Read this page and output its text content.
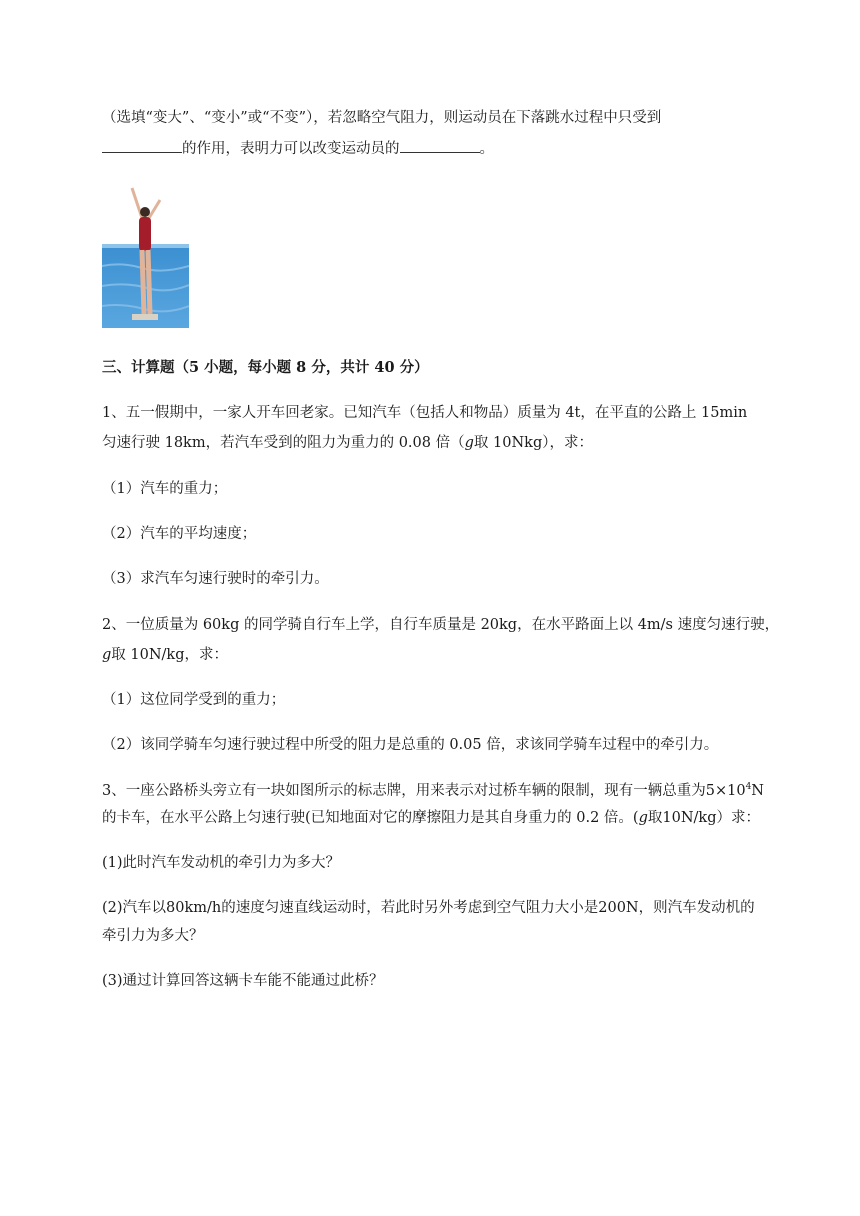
（选填“变大”、“变小”或“不变”），若忽略空气阻力，则运动员在下落跳水过程中只受到
的作用，表明力可以改变运动员的	。
三、计算题（5 小题，每小题 8 分，共计 40 分）
1、五一假期中，一家人开车回老家。已知汽车（包括人和物品）质量为 4t，在平直的公路上 15min
匀速行驶 18km，若汽车受到的阻力为重力的 0.08 倍（g取 10Nkg），求：
（1）汽车的重力；
（2）汽车的平均速度；
（3）求汽车匀速行驶时的牵引力。
2、一位质量为 60kg 的同学骑自行车上学，自行车质量是 20kg，在水平路面上以 4m/s 速度匀速行驶，
g取 10N/kg，求：
（1）这位同学受到的重力；
（2）该同学骑车匀速行驶过程中所受的阻力是总重的 0.05 倍，求该同学骑车过程中的牵引力。
3、一座公路桥头旁立有一块如图所示的标志牌，用来表示对过桥车辆的限制，现有一辆总重为$5\times 10^4N$
的卡车，在水平公路上匀速行驶(已知地面对它的摩擦阻力是其自身重力的 0.2 倍。(g取10N/kg）求：
(1)此时汽车发动机的牵引力为多大？
(2)汽车以80km/h的速度匀速直线运动时，若此时另外考虑到空气阻力大小是200N，则汽车发动机的
牵引力为多大？
(3)通过计算回答这辆卡车能不能通过此桥？
